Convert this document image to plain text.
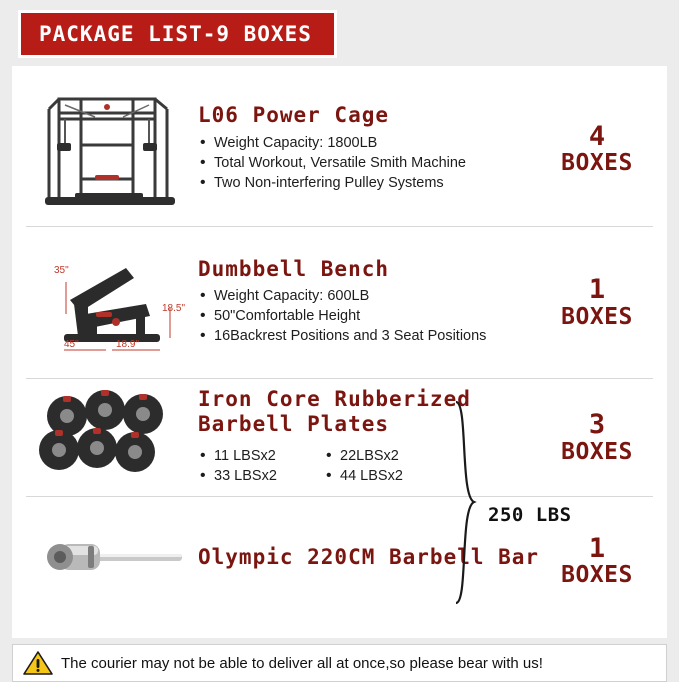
PACKAGE LIST-9 BOXES
L06 Power Cage
• Weight Capacity: 1800LB
• Total Workout, Versatile Smith Machine
• Two Non-interfering Pulley Systems
4
BOXES
35"
18.5"
45"	18.9"
Dumbbell Bench
• Weight Capacity: 600LB
• 50"Comfortable Height
• 16Backrest Positions and 3 Seat Positions
1
BOXES
Iron Core Rubberized Barbell Plates
• 11 LBSx2
• 33 LBSx2
• 22LBSx2
• 44 LBSx2
3
BOXES
Olympic 220CM Barbell Bar	1
BOXES
250 LBS
The courier may not be able to deliver all at once,so please bear with us!
